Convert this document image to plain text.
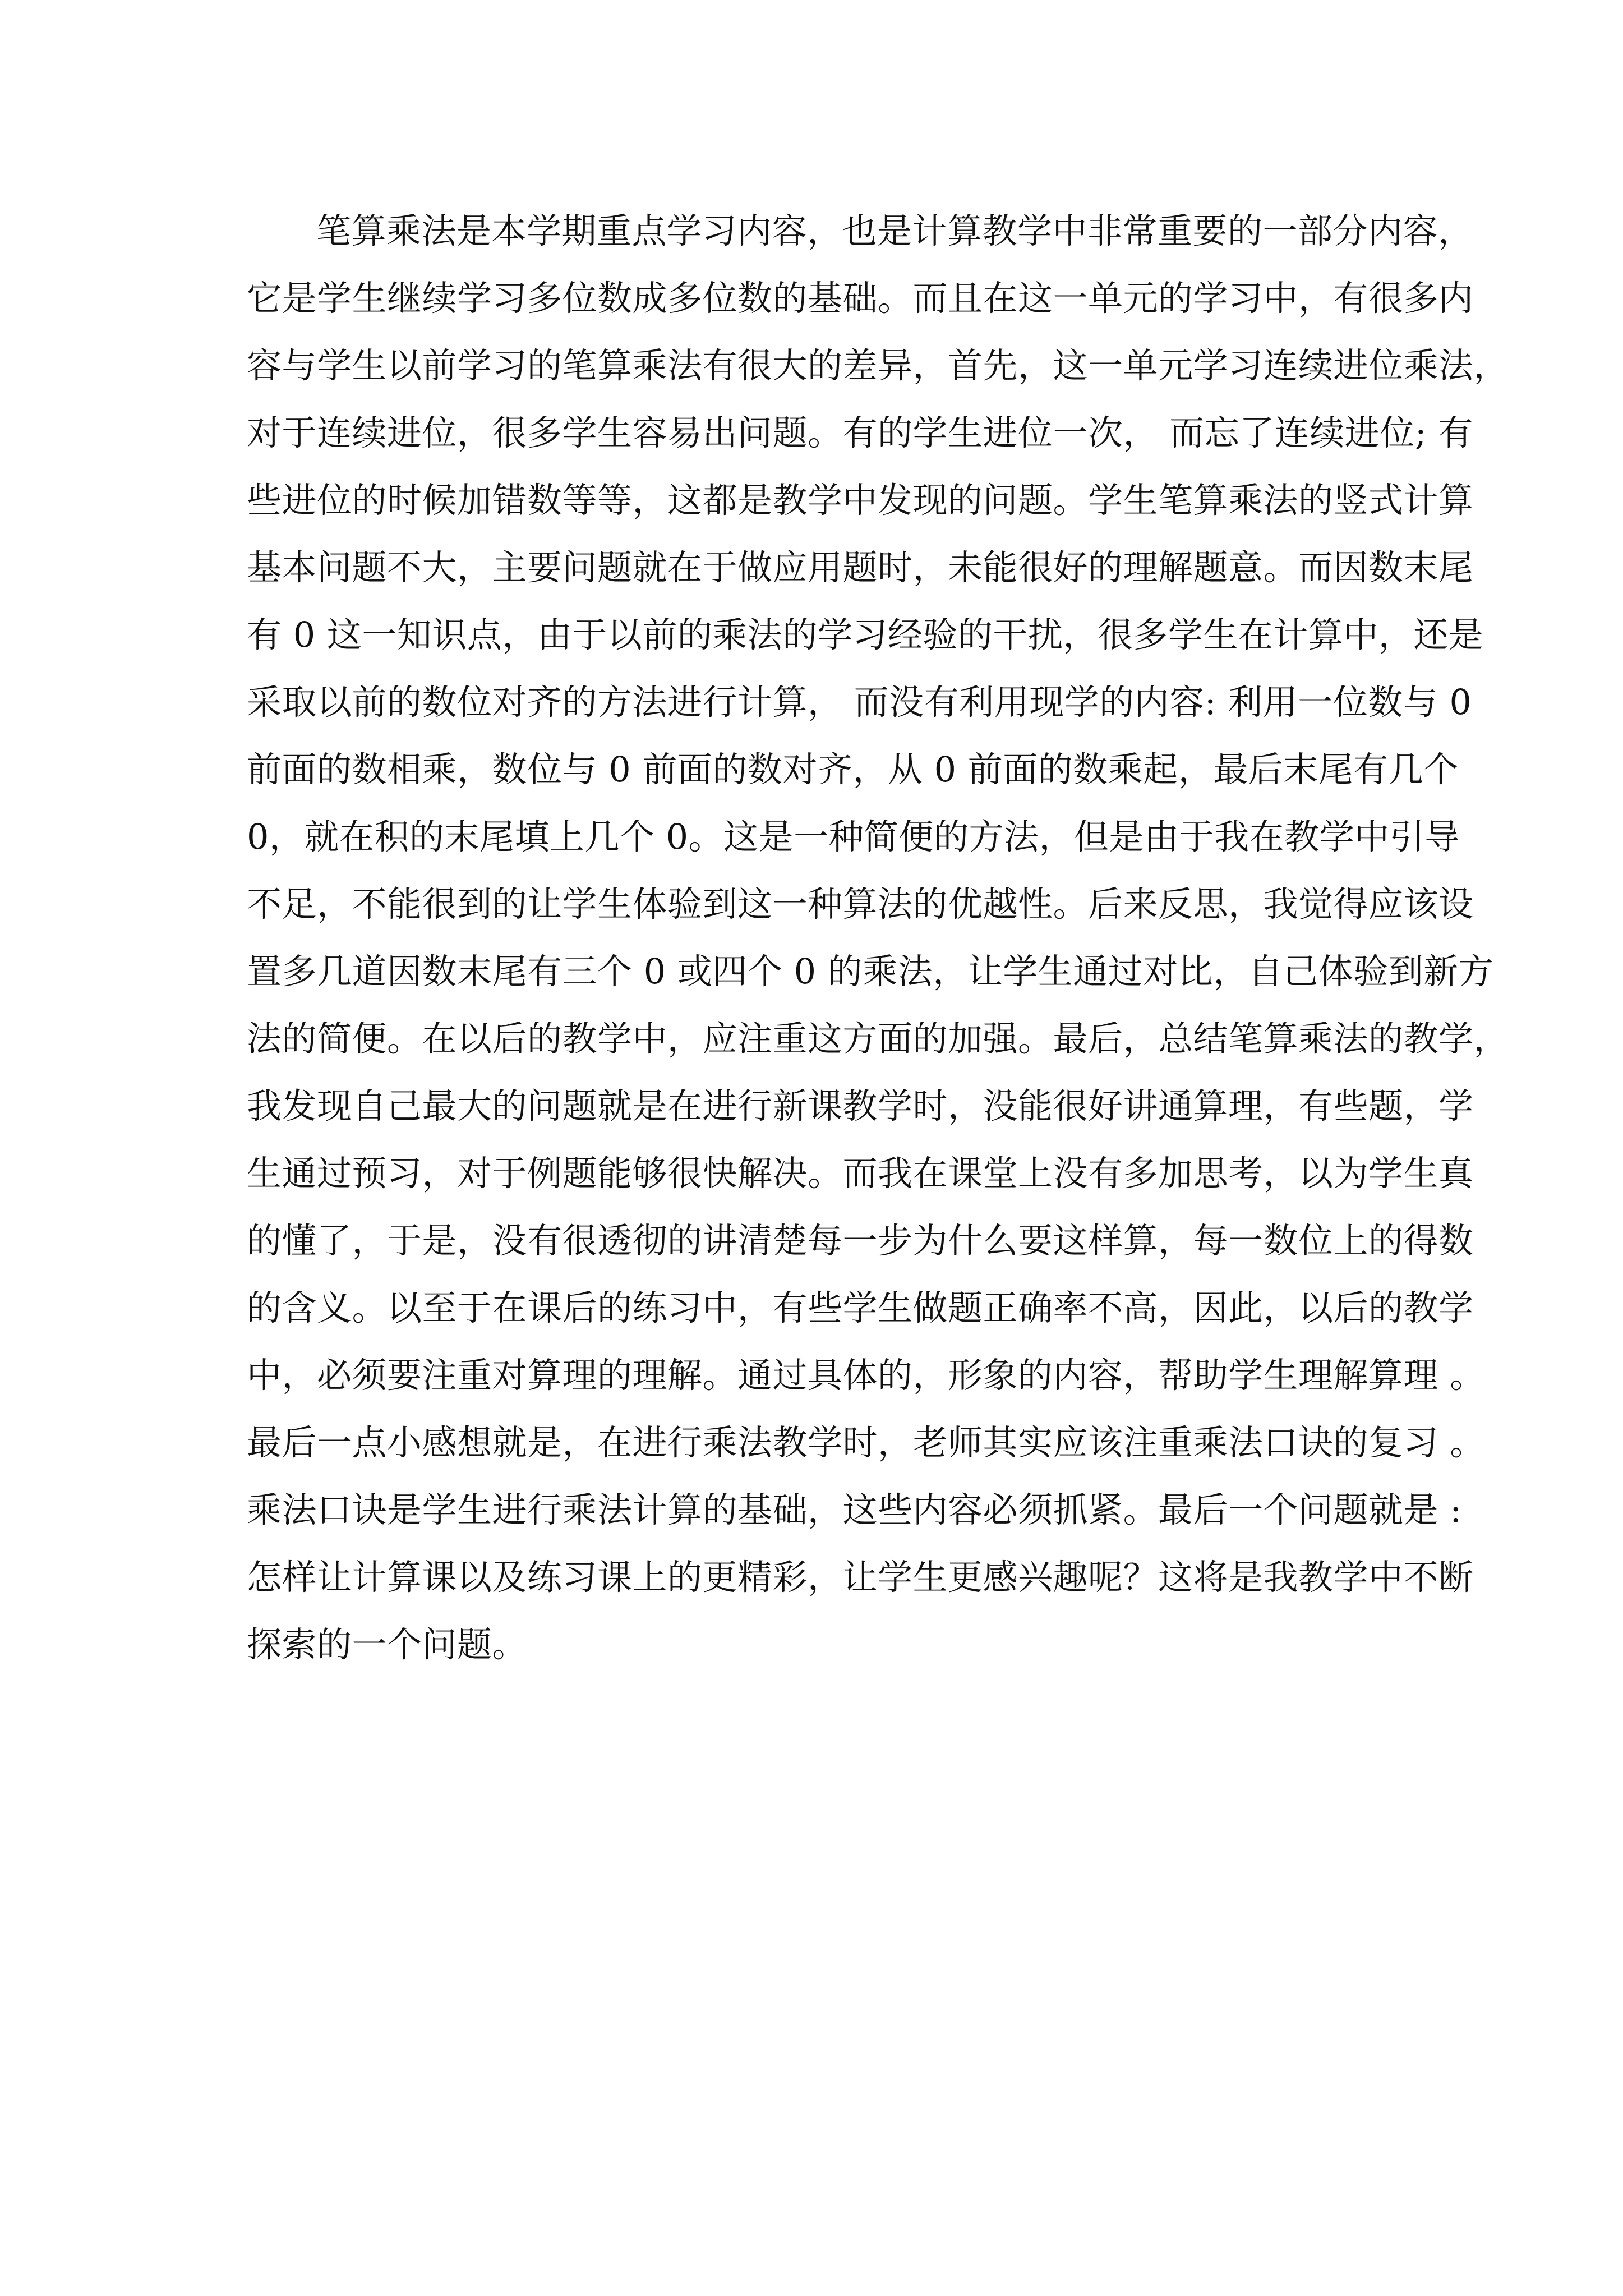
笔算乘法是本学期重点学习内容，也是计算教学中非常重要的一部分内容，
它是学生继续学习多位数成多位数的基础。而且在这一单元的学习中，有很多内
容与学生以前学习的笔算乘法有很大的差异，首先，这一单元学习连续进位乘法，
对于连续进位，很多学生容易出问题。有的学生进位一次， 而忘了连续进位; 有
些进位的时候加错数等等，这都是教学中发现的问题。学生笔算乘法的竖式计算
基本问题不大，主要问题就在于做应用题时，未能很好的理解题意。而因数末尾
有 0 这一知识点，由于以前的乘法的学习经验的干扰，很多学生在计算中，还是
采取以前的数位对齐的方法进行计算， 而没有利用现学的内容: 利用一位数与 0
前面的数相乘，数位与 0 前面的数对齐，从 0 前面的数乘起，最后末尾有几个
0，就在积的末尾填上几个 0。这是一种简便的方法，但是由于我在教学中引导
不足，不能很到的让学生体验到这一种算法的优越性。后来反思，我觉得应该设
置多几道因数末尾有三个 0 或四个 0 的乘法，让学生通过对比，自己体验到新方
法的简便。在以后的教学中，应注重这方面的加强。最后，总结笔算乘法的教学，
我发现自己最大的问题就是在进行新课教学时，没能很好讲通算理，有些题，学
生通过预习，对于例题能够很快解决。而我在课堂上没有多加思考，以为学生真
的懂了，于是，没有很透彻的讲清楚每一步为什么要这样算，每一数位上的得数
的含义。以至于在课后的练习中，有些学生做题正确率不高，因此，以后的教学
中，必须要注重对算理的理解。通过具体的，形象的内容，帮助学生理解算理 。
最后一点小感想就是，在进行乘法教学时，老师其实应该注重乘法口诀的复习 。
乘法口诀是学生进行乘法计算的基础，这些内容必须抓紧。最后一个问题就是 :
怎样让计算课以及练习课上的更精彩，让学生更感兴趣呢？这将是我教学中不断
探索的一个问题。
